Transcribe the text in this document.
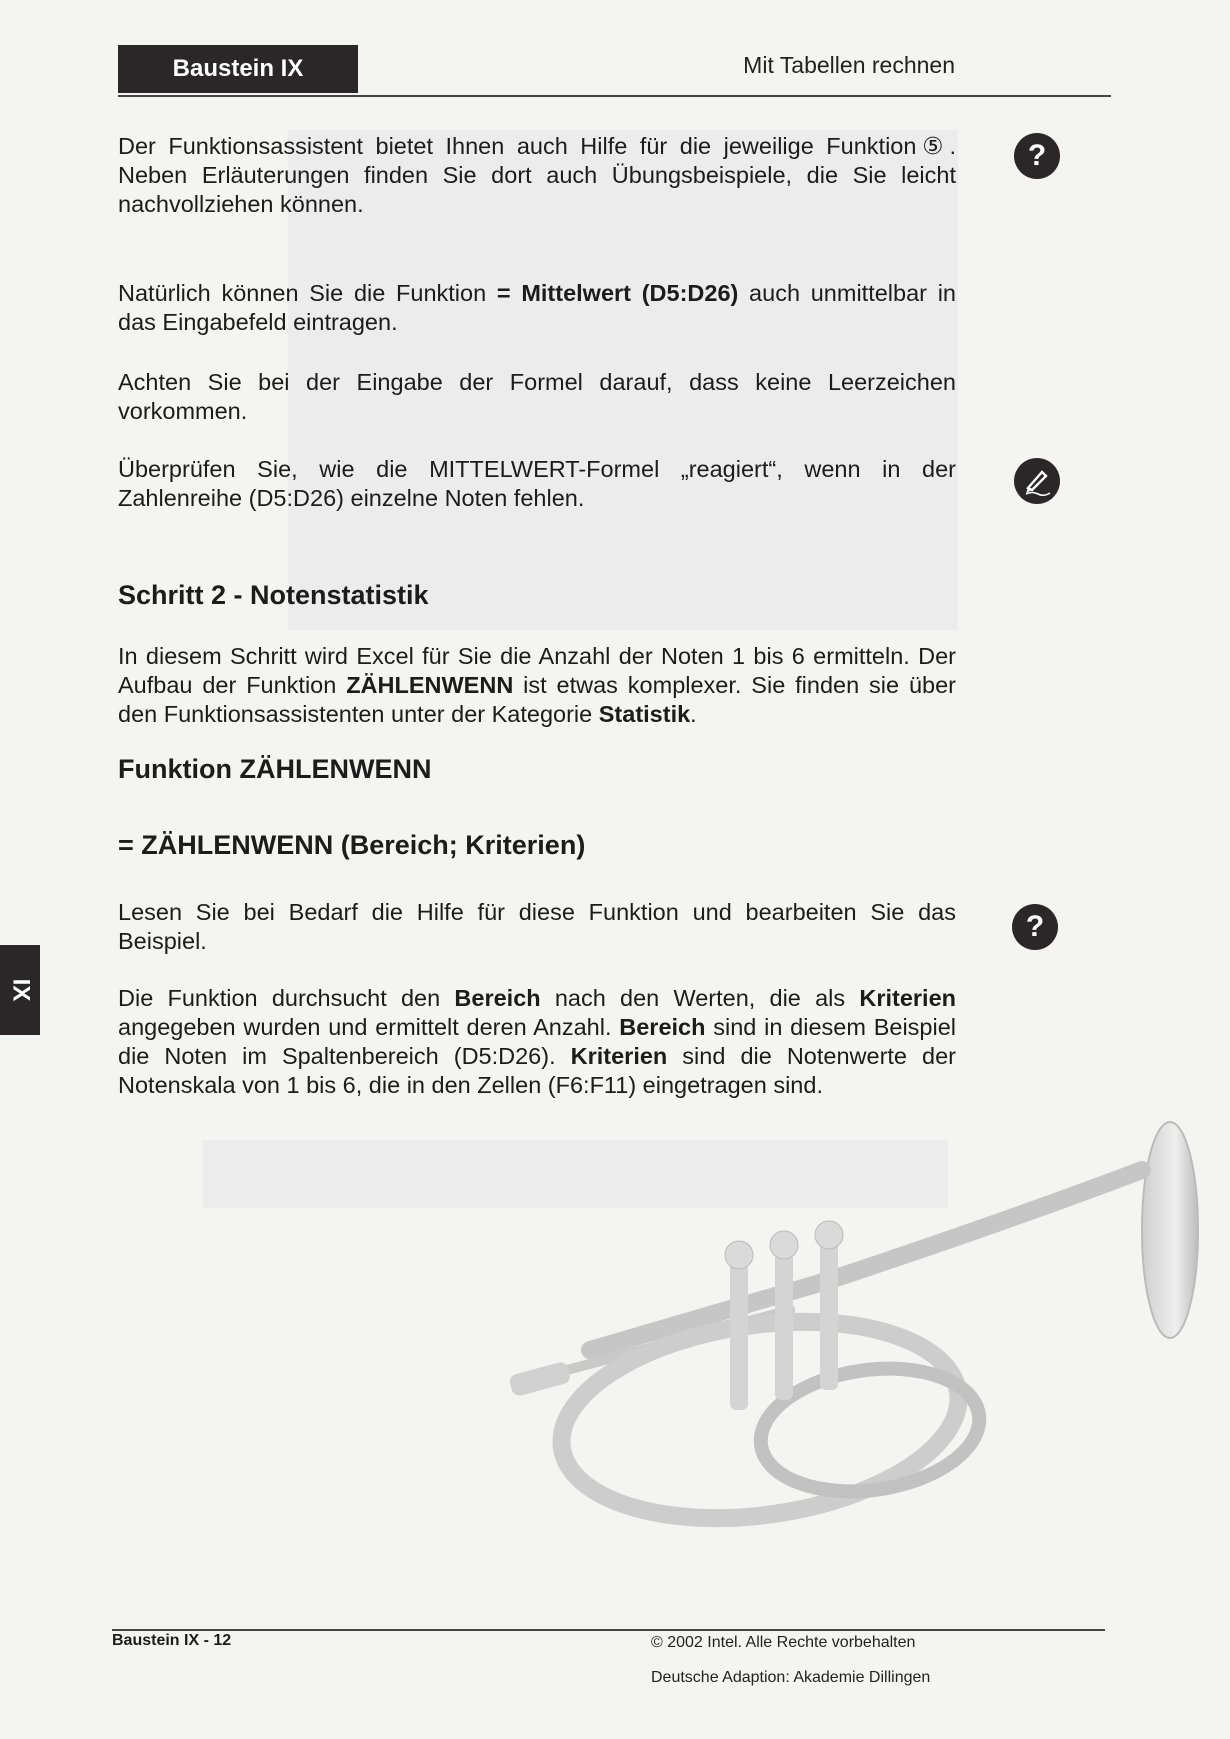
Baustein IX	Mit Tabellen rechnen
Der Funktionsassistent bietet Ihnen auch Hilfe für die jeweilige Funktion⑤. Neben Erläuterungen finden Sie dort auch Übungsbeispiele, die Sie leicht nachvollziehen können.
Natürlich können Sie die Funktion = Mittelwert (D5:D26) auch unmittelbar in das Eingabefeld eintragen.
Achten Sie bei der Eingabe der Formel darauf, dass keine Leerzeichen vorkommen.
Überprüfen Sie, wie die MITTELWERT-Formel „reagiert“, wenn in der Zahlenreihe (D5:D26) einzelne Noten fehlen.
Schritt 2 - Notenstatistik
In diesem Schritt wird Excel für Sie die Anzahl der Noten 1 bis 6 ermitteln. Der Aufbau der Funktion ZÄHLENWENN ist etwas komplexer. Sie finden sie über den Funktionsassistenten unter der Kategorie Statistik.
Funktion ZÄHLENWENN
= ZÄHLENWENN (Bereich; Kriterien)
Lesen Sie bei Bedarf die Hilfe für diese Funktion und bearbeiten Sie das Beispiel.
Die Funktion durchsucht den Bereich nach den Werten, die als Kriterien angegeben wurden und ermittelt deren Anzahl. Bereich sind in diesem Beispiel die Noten im Spaltenbereich (D5:D26). Kriterien sind die Notenwerte der Notenskala von 1 bis 6, die in den Zellen (F6:F11) eingetragen sind.
?
?
IX
Baustein IX - 12	© 2002 Intel. Alle Rechte vorbehalten
Deutsche Adaption: Akademie Dillingen
